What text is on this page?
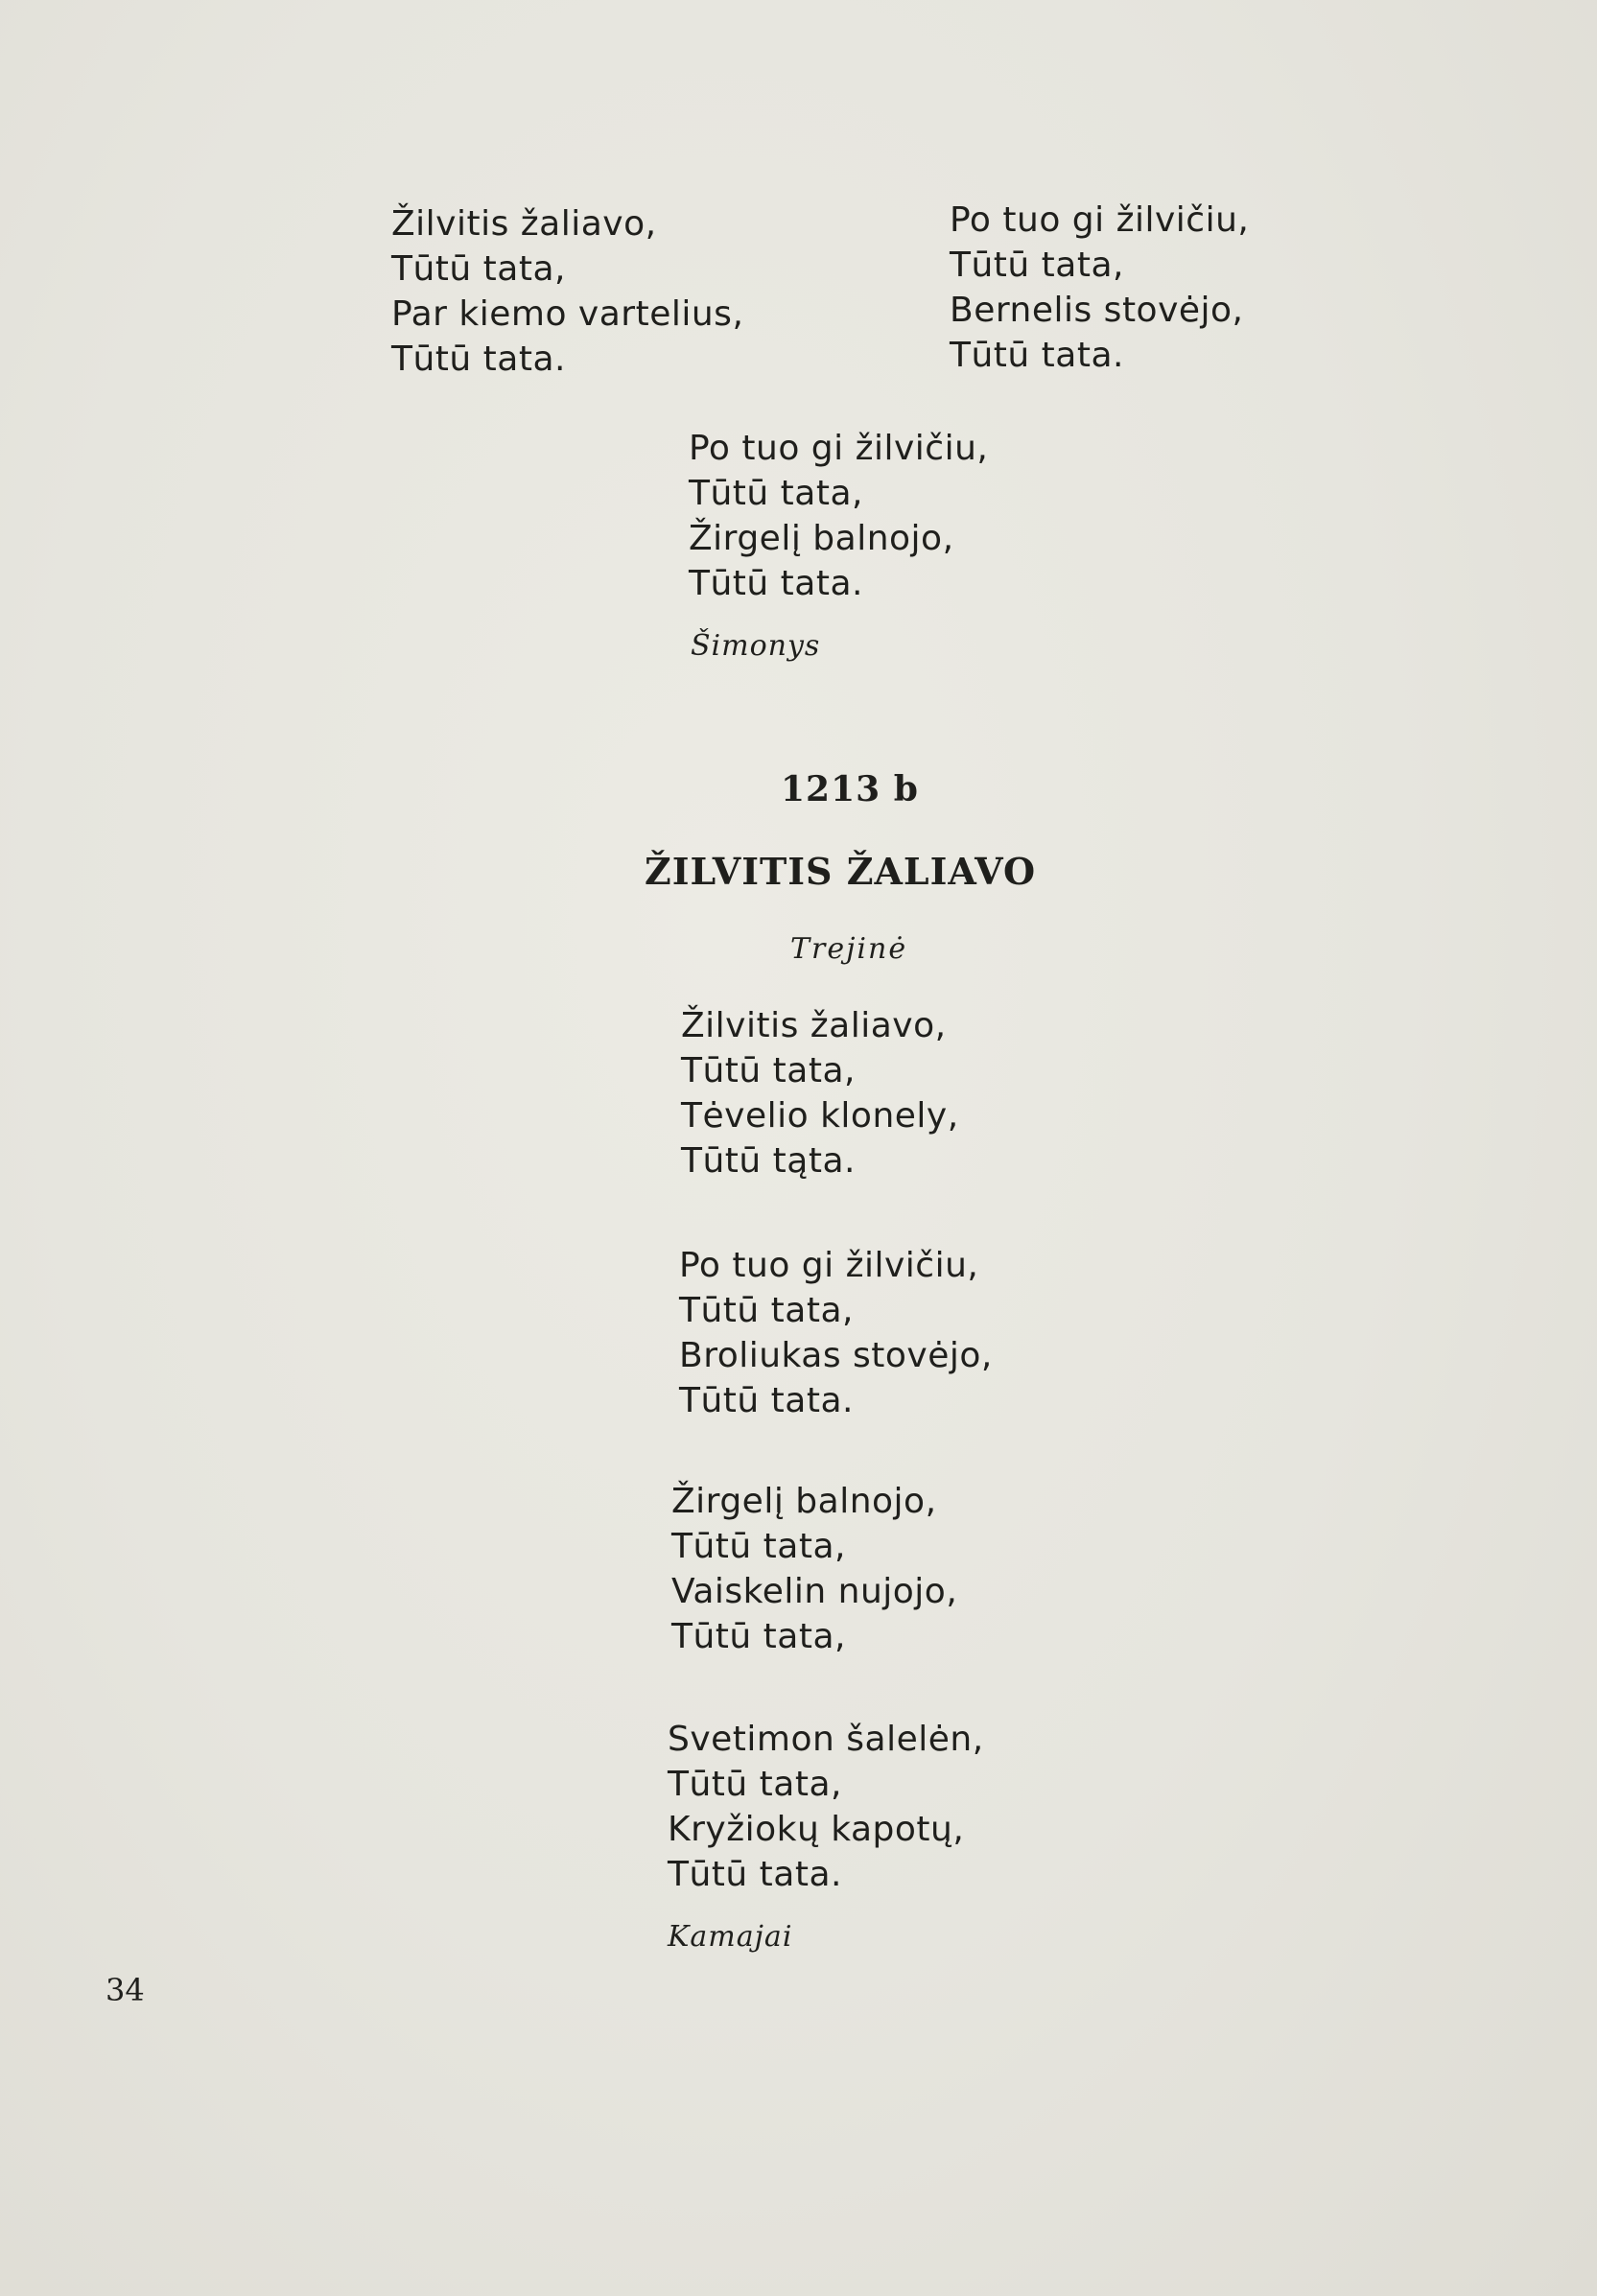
Žilvitis žaliavo,
Tūtū tata,
Par kiemo vartelius,
Tūtū tata.
Po tuo gi žilvičiu,
Tūtū tata,
Bernelis stovėjo,
Tūtū tata.
Po tuo gi žilvičiu,
Tūtū tata,
Žirgelį balnojo,
Tūtū tata.
Šimonys
1213 b
ŽILVITIS ŽALIAVO
Trejinė
Žilvitis žaliavo,
Tūtū tata,
Tėvelio klonely,
Tūtū tąta.
Po tuo gi žilvičiu,
Tūtū tata,
Broliukas stovėjo,
Tūtū tata.
Žirgelį balnojo,
Tūtū tata,
Vaiskelin nujojo,
Tūtū tata,
Svetimon šalelėn,
Tūtū tata,
Kryžiokų kapotų,
Tūtū tata.
Kamajai
34
